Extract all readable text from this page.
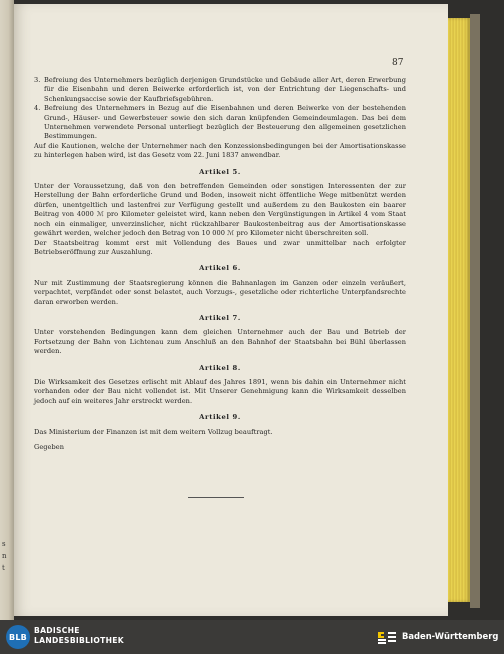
s
n
t
87
3. Befreiung des Unternehmers bezüglich derjenigen Grundstücke und Gebäude aller Art, deren Erwerbung für die Eisenbahn und deren Beiwerke erforderlich ist, von der Entrichtung der Liegenschafts- und Schenkungsaccise sowie der Kaufbriefsgebühren.
4. Befreiung des Unternehmers in Bezug auf die Eisenbahnen und deren Beiwerke von der bestehenden Grund-, Häuser- und Gewerbsteuer sowie den sich daran knüpfenden Gemeindeumlagen. Das bei dem Unternehmen verwendete Personal unterliegt bezüglich der Besteuerung den allgemeinen gesetzlichen Bestimmungen.

Auf die Kautionen, welche der Unternehmer nach den Konzessionsbedingungen bei der Amortisationskasse zu hinterlegen haben wird, ist das Gesetz vom 22. Juni 1837 anwendbar.

Artikel 5.

Unter der Voraussetzung, daß von den betreffenden Gemeinden oder sonstigen Interessenten der zur Herstellung der Bahn erforderliche Grund und Boden, insoweit nicht öffentliche Wege mitbenützt werden dürfen, unentgeltlich und lastenfrei zur Verfügung gestellt und außerdem zu den Baukosten ein baarer Beitrag von 4000 ℳ pro Kilometer geleistet wird, kann neben den Vergünstigungen in Artikel 4 vom Staat noch ein einmaliger, unverzinslicher, nicht rückzahlbarer Baukostenbeitrag aus der Amortisationskasse gewährt werden, welcher jedoch den Betrag von 10 000 ℳ pro Kilometer nicht überschreiten soll.

Der Staatsbeitrag kommt erst mit Vollendung des Baues und zwar unmittelbar nach erfolgter Betriebseröffnung zur Auszahlung.

Artikel 6.

Nur mit Zustimmung der Staatsregierung können die Bahnanlagen im Ganzen oder einzeln veräußert, verpachtet, verpfändet oder sonst belastet, auch Vorzugs-, gesetzliche oder richterliche Unterpfandsrechte daran erworben werden.

Artikel 7.

Unter vorstehenden Bedingungen kann dem gleichen Unternehmer auch der Bau und Betrieb der Fortsetzung der Bahn von Lichtenau zum Anschluß an den Bahnhof der Staatsbahn bei Bühl überlassen werden.

Artikel 8.

Die Wirksamkeit des Gesetzes erlischt mit Ablauf des Jahres 1891, wenn bis dahin ein Unternehmer nicht vorhanden oder der Bau nicht vollendet ist. Mit Unserer Genehmigung kann die Wirksamkeit desselben jedoch auf ein weiteres Jahr erstreckt werden.

Artikel 9.

Das Ministerium der Finanzen ist mit dem weitern Vollzug beauftragt.

Gegeben

BLB
BADISCHE
LANDESBIBLIOTHEK	Baden-Württemberg
